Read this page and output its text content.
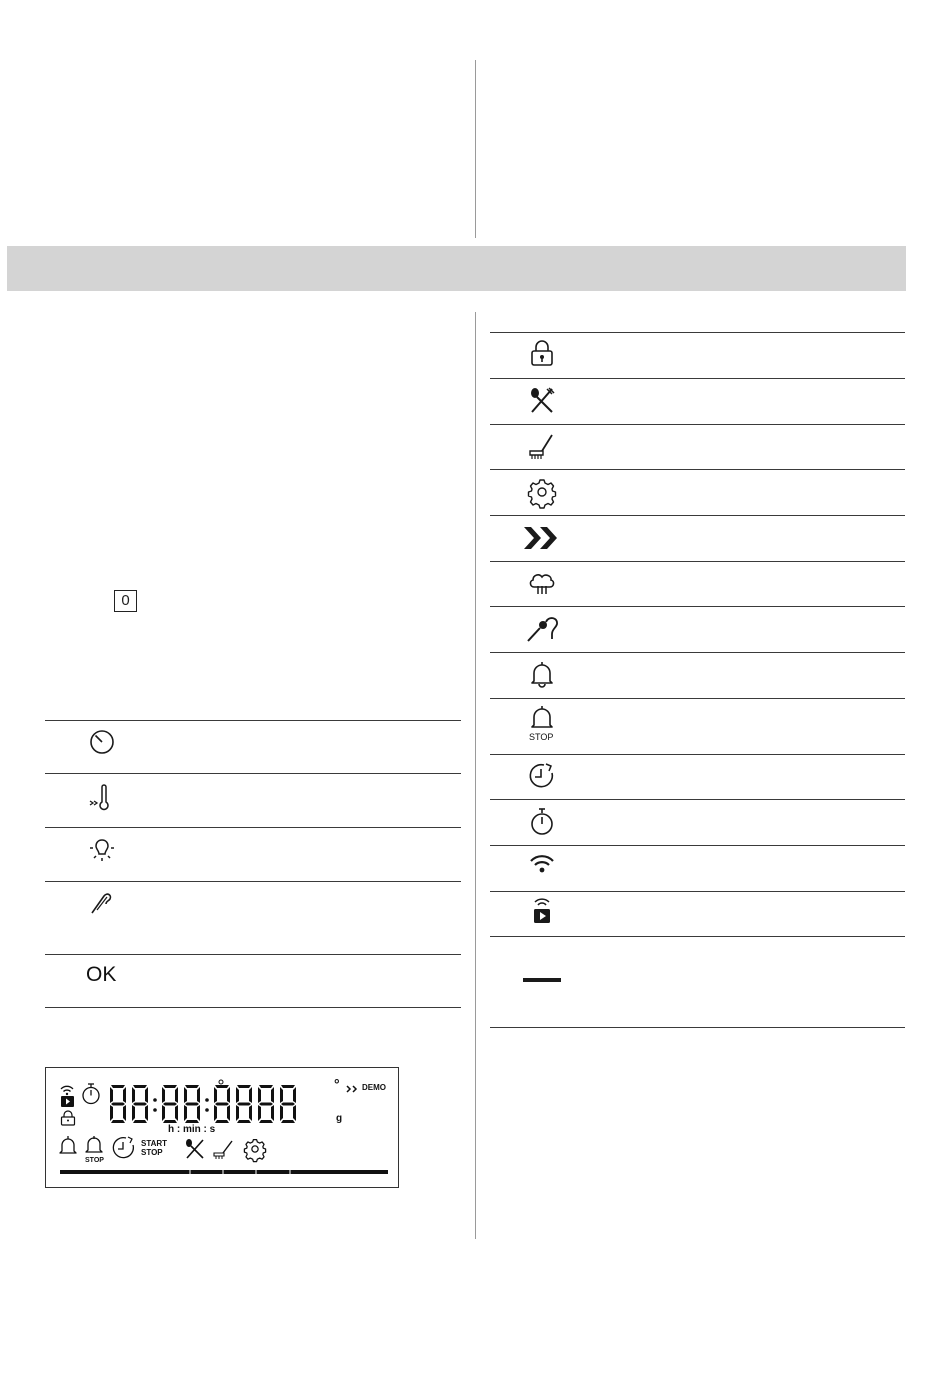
0
OK
STOP
°
g
DEMO
h : min : s
STOP
START
STOP
